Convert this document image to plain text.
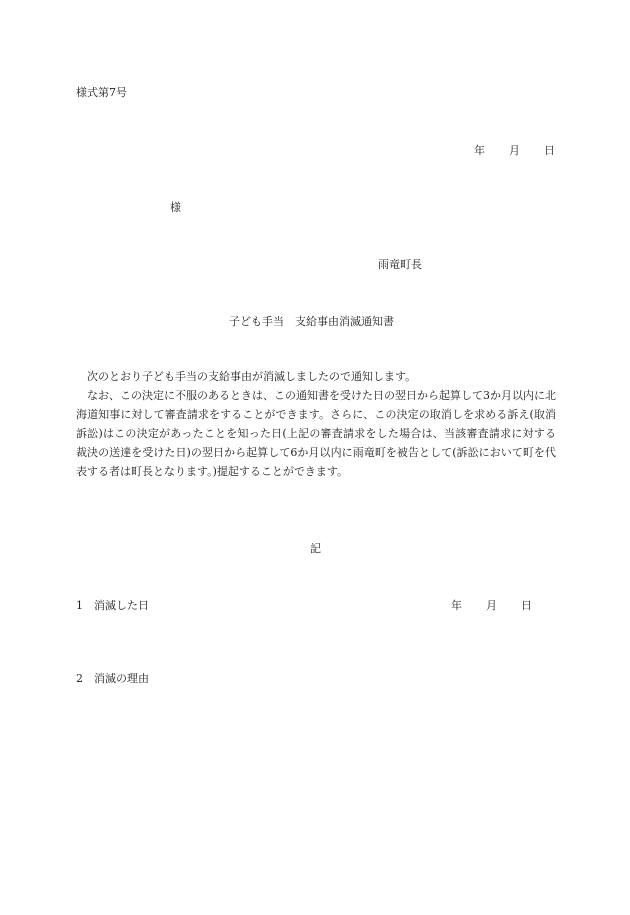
様式第7号
年 月 日
様
雨竜町長
子ども手当　支給事由消滅通知書

次のとおり子ども手当の支給事由が消滅しましたので通知します。

なお、この決定に不服のあるときは、この通知書を受けた日の翌日から起算して3か月以内に北海道知事に対して審査請求をすることができます。さらに、この決定の取消しを求める訴え(取消訴訟)はこの決定があったことを知った日(上記の審査請求をした場合は、当該審査請求に対する裁決の送達を受けた日)の翌日から起算して6か月以内に雨竜町を被告として(訴訟において町を代表する者は町長となります。)提起することができます。

記
1　消滅した日	年 月 日
2　消滅の理由
